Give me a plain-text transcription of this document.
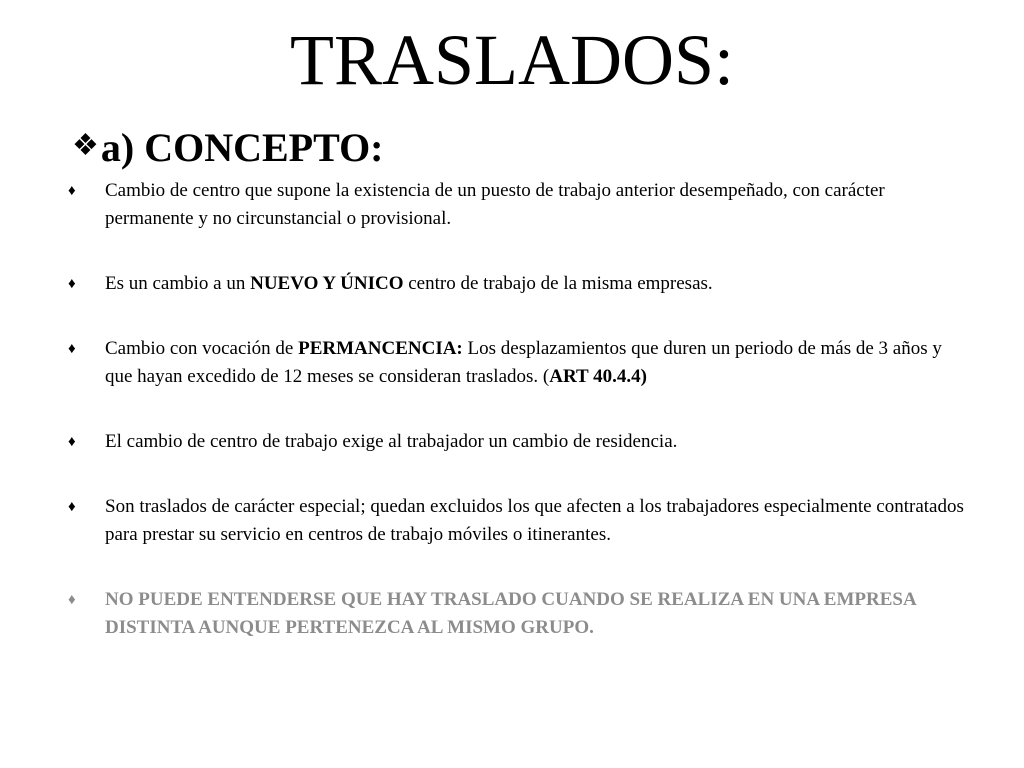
TRASLADOS:
❖ a) CONCEPTO:
♦ Cambio de centro que supone la existencia de un puesto de trabajo anterior desempeñado, con carácter permanente y no circunstancial o provisional.
♦ Es un cambio a un NUEVO Y ÚNICO centro de trabajo de la misma empresas.
♦ Cambio con vocación de PERMANCENCIA: Los desplazamientos que duren un periodo de más de 3 años y que hayan excedido de 12 meses se consideran traslados. (ART 40.4.4)
♦ El cambio de centro de trabajo exige al trabajador un cambio de residencia.
♦ Son traslados de carácter especial; quedan excluidos los que afecten a los trabajadores especialmente contratados para prestar su servicio en centros de trabajo móviles o itinerantes.
♦ NO PUEDE ENTENDERSE QUE HAY TRASLADO CUANDO SE REALIZA EN UNA EMPRESA DISTINTA AUNQUE PERTENEZCA AL MISMO GRUPO.
